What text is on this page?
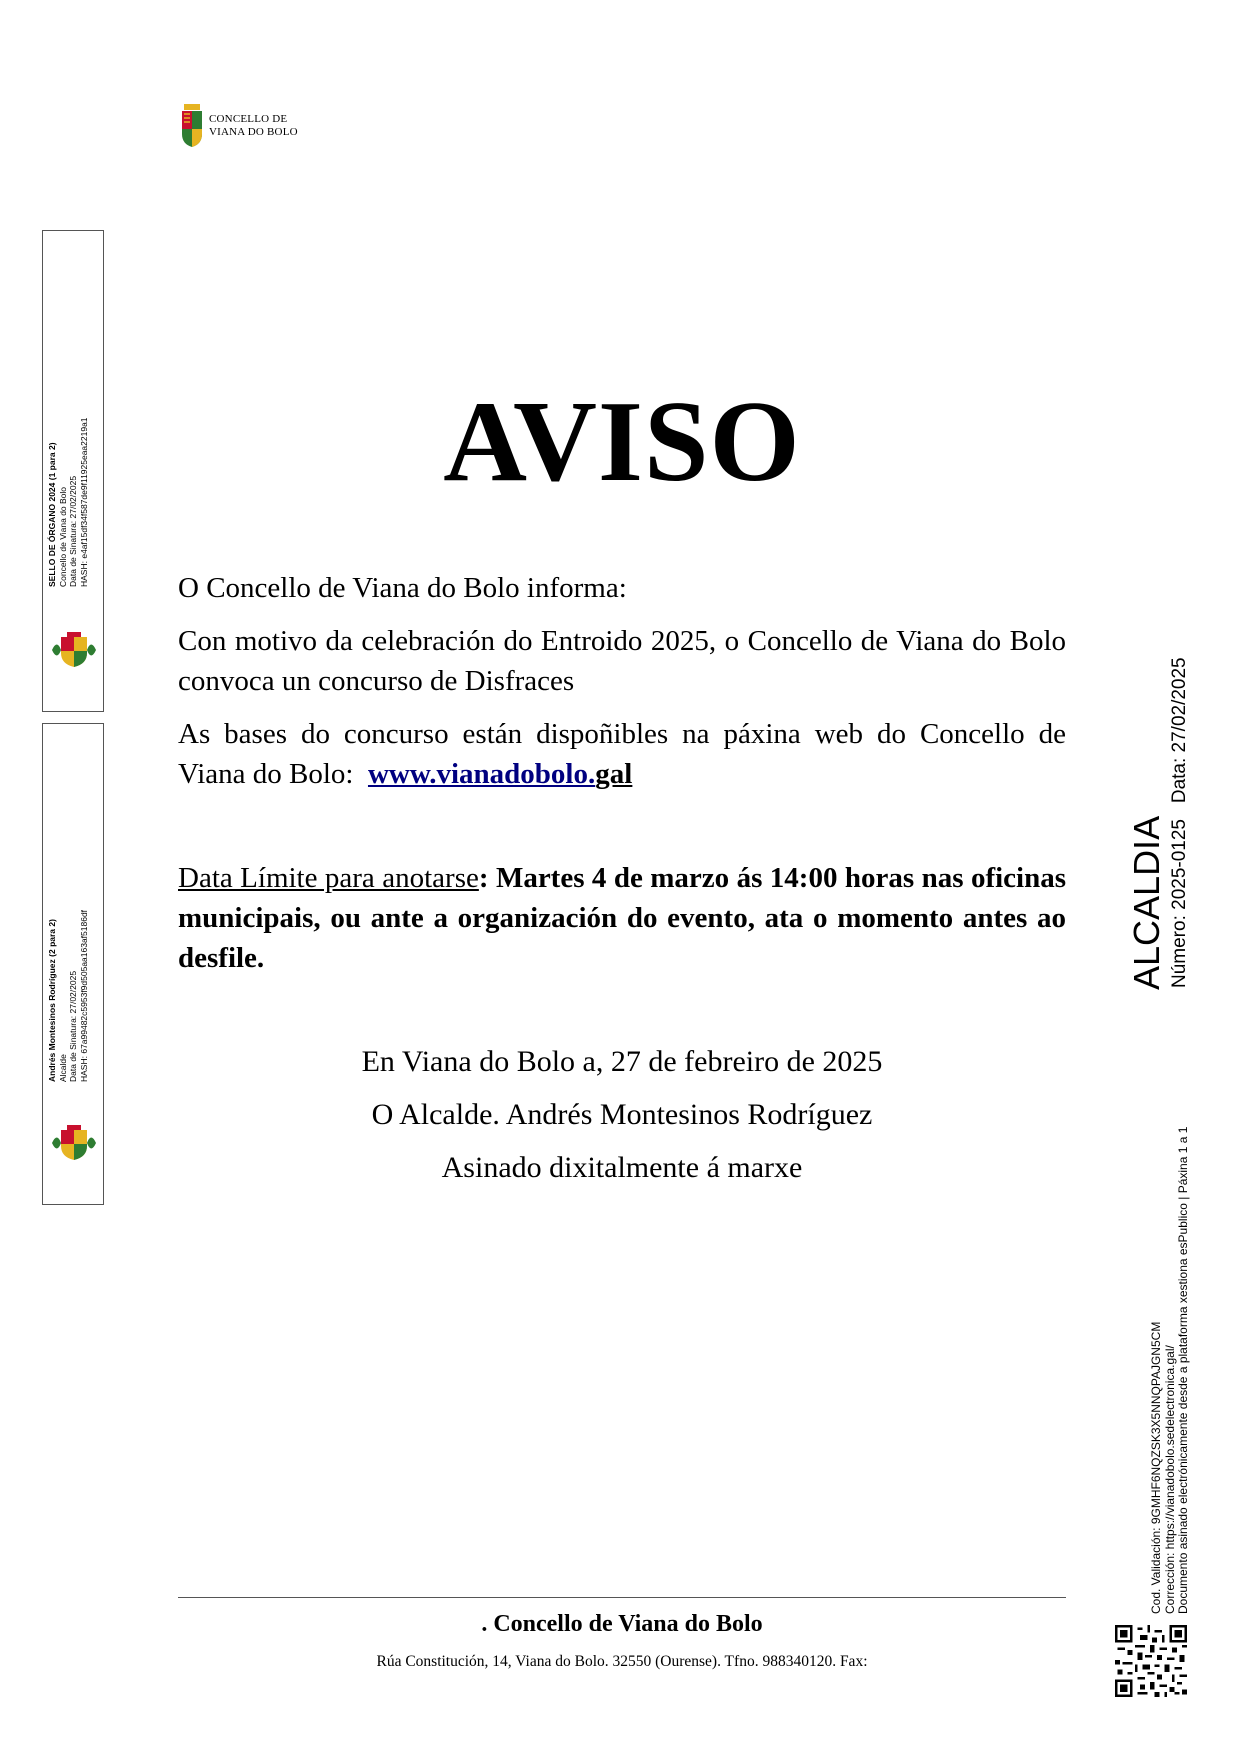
CONCELLO DE
VIANA DO BOLO
SELLO DE ÓRGANO 2024 (1 para 2) Concello de Viana do Bolo Data de Sinatura: 27/02/2025 HASH: e4af15df34f587de9f11925eaa2219a1
Andrés Montesinos Rodríguez (2 para 2) Alcalde Data de Sinatura: 27/02/2025 HASH: 67a99482c5953f9d505aa163af5186df
ALCALDIA Número: 2025-0125   Data: 27/02/2025
Cod. Validación: 9GMHF6NQZSK3X5NNQPAJGN5CM Corrección: https://vianadobolo.sedelectronica.gal/ Documento asinado electrónicamente desde a plataforma xestiona esPublico | Páxina 1 a 1
AVISO
O Concello de Viana do Bolo informa:
Con motivo da celebración do Entroido 2025, o Concello de Viana do Bolo convoca un concurso de Disfraces
As bases do concurso están dispoñibles na páxina web do Concello de Viana do Bolo: www.vianadobolo.gal
Data Límite para anotarse: Martes 4 de marzo ás 14:00 horas nas oficinas municipais, ou ante a organización do evento, ata o momento antes ao desfile.
En Viana do Bolo a, 27 de febreiro de 2025
O Alcalde. Andrés Montesinos Rodríguez
Asinado dixitalmente á marxe
. Concello de Viana do Bolo
Rúa Constitución, 14, Viana do Bolo. 32550 (Ourense). Tfno. 988340120. Fax:
